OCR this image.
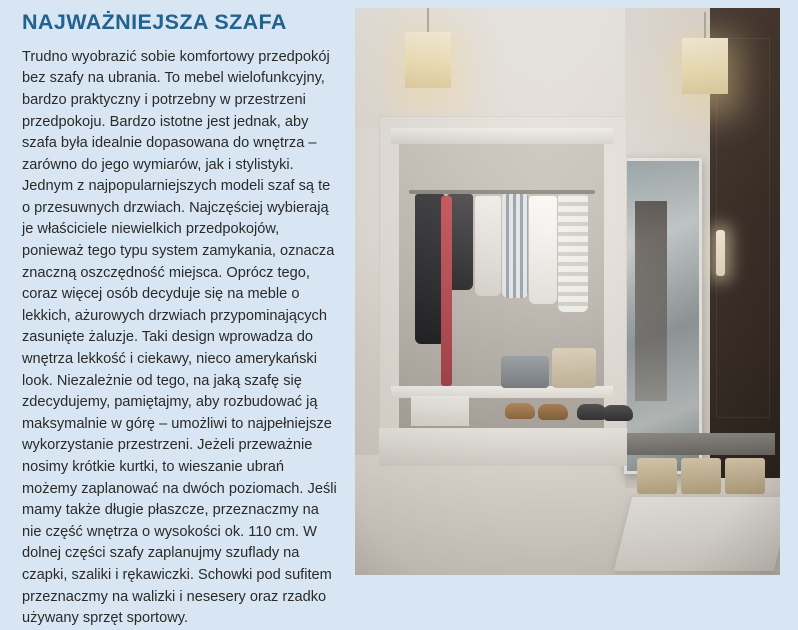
NAJWAŻNIEJSZA SZAFA

Trudno wyobrazić sobie komfortowy przedpokój bez szafy na ubrania. To mebel wielofunkcyjny, bardzo praktyczny i potrzebny w przestrzeni przedpokoju. Bardzo istotne jest jednak, aby szafa była idealnie dopasowana do wnętrza – zarówno do jego wymiarów, jak i stylistyki. Jednym z najpopularniejszych modeli szaf są te o przesuwnych drzwiach. Najczęściej wybierają je właściciele niewielkich przedpokojów, ponieważ tego typu system zamykania, oznacza znaczną oszczędność miejsca. Oprócz tego, coraz więcej osób decyduje się na meble o lekkich, ażurowych drzwiach przypominających zasunięte żaluzje. Taki design wprowadza do wnętrza lekkość i ciekawy, nieco amerykański look. Niezależnie od tego, na jaką szafę się zdecydujemy, pamiętajmy, aby rozbudować ją maksymalnie w górę – umożliwi to najpełniejsze wykorzystanie przestrzeni. Jeżeli przeważnie nosimy krótkie kurtki, to wieszanie ubrań możemy zaplanować na dwóch poziomach. Jeśli mamy także długie płaszcze, przeznaczmy na nie część wnętrza o wysokości ok. 110 cm. W dolnej części szafy zaplanujmy szuflady na czapki, szaliki i rękawiczki. Schowki pod sufitem przeznaczmy na walizki i nesesery oraz rzadko używany sprzęt sportowy.
